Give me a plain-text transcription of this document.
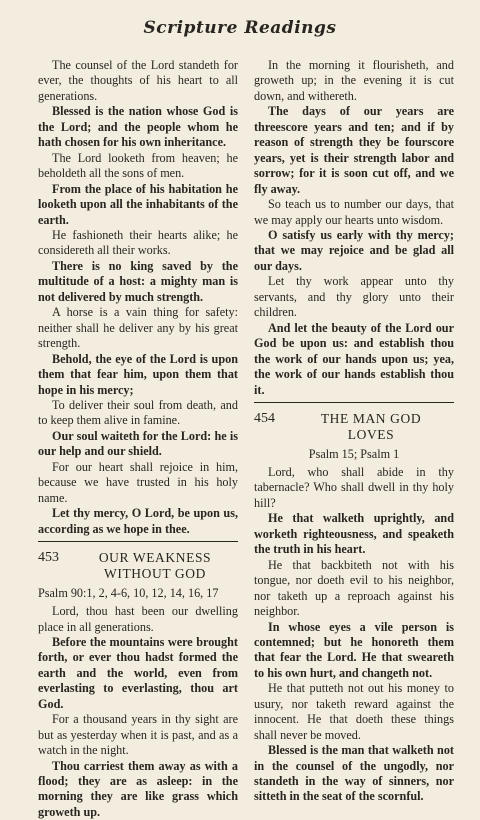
Scripture Readings

The counsel of the Lord standeth for ever, the thoughts of his heart to all generations.

Blessed is the nation whose God is the Lord; and the people whom he hath chosen for his own inheritance.

The Lord looketh from heaven; he beholdeth all the sons of men.

From the place of his habitation he looketh upon all the inhabitants of the earth.

He fashioneth their hearts alike; he considereth all their works.

There is no king saved by the multitude of a host: a mighty man is not delivered by much strength.

A horse is a vain thing for safety: neither shall he deliver any by his great strength.

Behold, the eye of the Lord is upon them that fear him, upon them that hope in his mercy;

To deliver their soul from death, and to keep them alive in famine.

Our soul waiteth for the Lord: he is our help and our shield.

For our heart shall rejoice in him, because we have trusted in his holy name.

Let thy mercy, O Lord, be upon us, according as we hope in thee.

453	OUR WEAKNESS
WITHOUT GOD
Psalm 90:1, 2, 4-6, 10, 12, 14, 16, 17

Lord, thou hast been our dwelling place in all generations.

Before the mountains were brought forth, or ever thou hadst formed the earth and the world, even from everlasting to everlasting, thou art God.

For a thousand years in thy sight are but as yesterday when it is past, and as a watch in the night.

Thou carriest them away as with a flood; they are as asleep: in the morning they are like grass which groweth up.

In the morning it flourisheth, and groweth up; in the evening it is cut down, and withereth.

The days of our years are threescore years and ten; and if by reason of strength they be fourscore years, yet is their strength labor and sorrow; for it is soon cut off, and we fly away.

So teach us to number our days, that we may apply our hearts unto wisdom.

O satisfy us early with thy mercy; that we may rejoice and be glad all our days.

Let thy work appear unto thy servants, and thy glory unto their children.

And let the beauty of the Lord our God be upon us: and establish thou the work of our hands upon us; yea, the work of our hands establish thou it.

454	THE MAN GOD
LOVES
Psalm 15; Psalm 1

Lord, who shall abide in thy tabernacle? Who shall dwell in thy holy hill?

He that walketh uprightly, and worketh righteousness, and speaketh the truth in his heart.

He that backbiteth not with his tongue, nor doeth evil to his neighbor, nor taketh up a reproach against his neighbor.

In whose eyes a vile person is contemned; but he honoreth them that fear the Lord. He that sweareth to his own hurt, and changeth not.

He that putteth not out his money to usury, nor taketh reward against the innocent. He that doeth these things shall never be moved.

Blessed is the man that walketh not in the counsel of the ungodly, nor standeth in the way of sinners, nor sitteth in the seat of the scornful.
